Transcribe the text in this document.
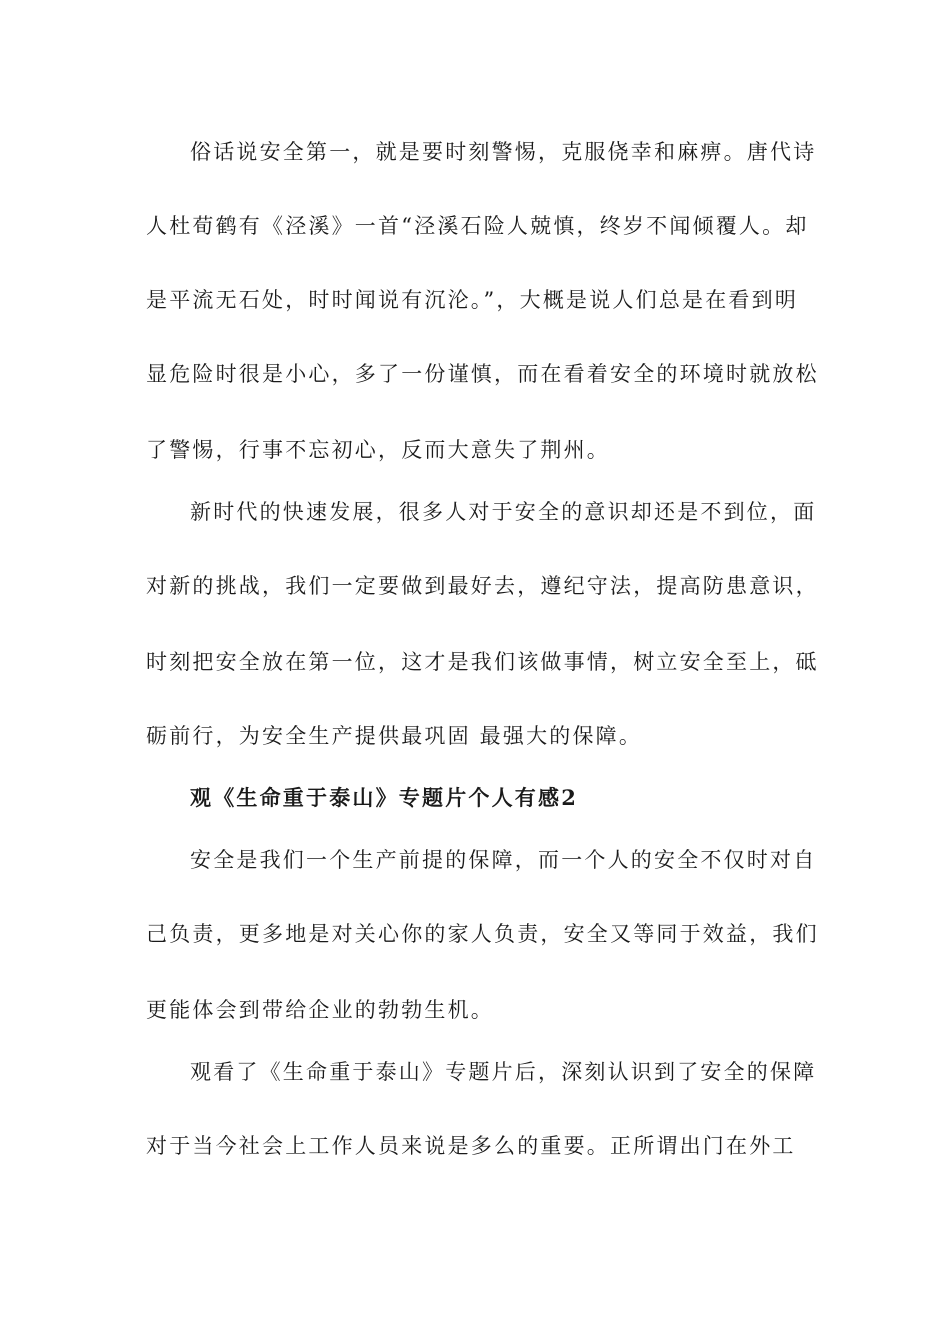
俗话说安全第一，就是要时刻警惕，克服侥幸和麻痹。唐代诗
人杜荀鹤有《泾溪》一首“泾溪石险人兢慎，终岁不闻倾覆人。却
是平流无石处，时时闻说有沉沦。”，大概是说人们总是在看到明
显危险时很是小心，多了一份谨慎，而在看着安全的环境时就放松
了警惕，行事不忘初心，反而大意失了荆州。
新时代的快速发展，很多人对于安全的意识却还是不到位，面
对新的挑战，我们一定要做到最好去，遵纪守法，提高防患意识，
时刻把安全放在第一位，这才是我们该做事情，树立安全至上，砥
砺前行，为安全生产提供最巩固 最强大的保障。
观《生命重于泰山》专题片个人有感2
安全是我们一个生产前提的保障，而一个人的安全不仅时对自
己负责，更多地是对关心你的家人负责，安全又等同于效益，我们
更能体会到带给企业的勃勃生机。
观看了《生命重于泰山》专题片后，深刻认识到了安全的保障
对于当今社会上工作人员来说是多么的重要。正所谓出门在外工
